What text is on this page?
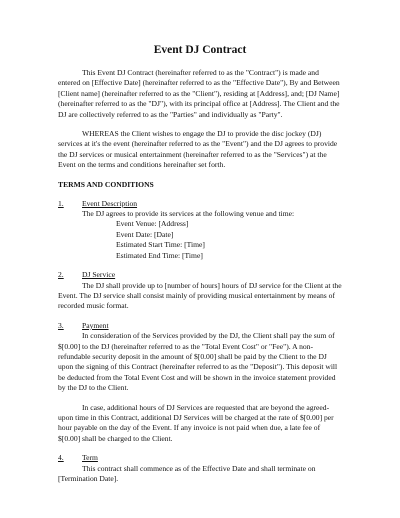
Event DJ Contract

This Event DJ Contract (hereinafter referred to as the "Contract") is made and entered on [Effective Date] (hereinafter referred to as the "Effective Date"), By and Between [Client name] (hereinafter referred to as the "Client"), residing at [Address], and; [DJ Name] (hereinafter referred to as the "DJ"), with its principal office at [Address]. The Client and the DJ are collectively referred to as the "Parties" and individually as "Party".

WHEREAS the Client wishes to engage the DJ to provide the disc jockey (DJ) services at it's the event (hereinafter referred to as the "Event") and the DJ agrees to provide the DJ services or musical entertainment (hereinafter referred to as the "Services") at the Event on the terms and conditions hereinafter set forth.

TERMS AND CONDITIONS
1.	Event Description

The DJ agrees to provide its services at the following venue and time:

Event Venue: [Address]

Event Date: [Date]

Estimated Start Time: [Time]

Estimated End Time: [Time]

2.	DJ Service

The DJ shall provide up to [number of hours] hours of DJ service for the Client at the Event. The DJ service shall consist mainly of providing musical entertainment by means of recorded music format.

3.	Payment

In consideration of the Services provided by the DJ, the Client shall pay the sum of $[0.00] to the DJ (hereinafter referred to as the "Total Event Cost" or "Fee"). A non-refundable security deposit in the amount of $[0.00] shall be paid by the Client to the DJ upon the signing of this Contract (hereinafter referred to as the "Deposit"). This deposit will be deducted from the Total Event Cost and will be shown in the invoice statement provided by the DJ to the Client.

In case, additional hours of DJ Services are requested that are beyond the agreed-upon time in this Contract, additional DJ Services will be charged at the rate of $[0.00] per hour payable on the day of the Event. If any invoice is not paid when due, a late fee of $[0.00] shall be charged to the Client.

4.	Term

This contract shall commence as of the Effective Date and shall terminate on [Termination Date].
